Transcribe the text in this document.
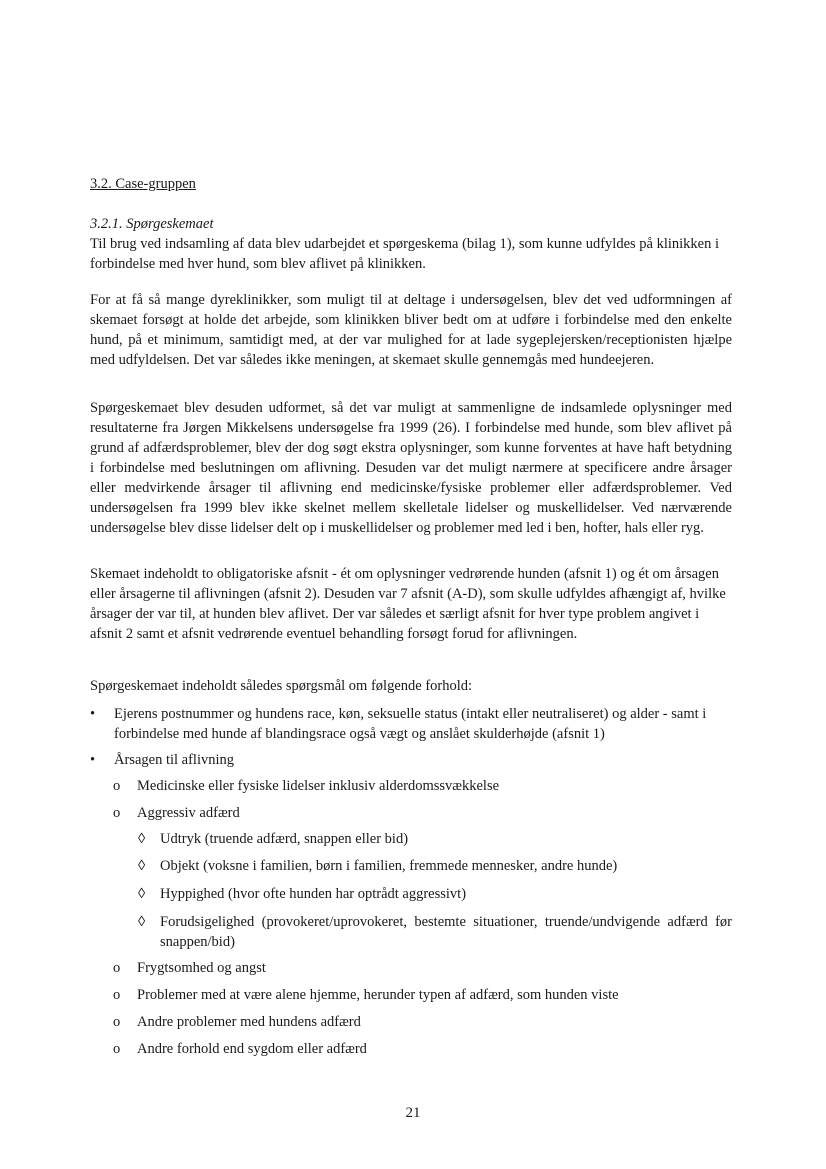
3.2. Case-gruppen
3.2.1. Spørgeskemaet

Til brug ved indsamling af data blev udarbejdet et spørgeskema (bilag 1), som kunne udfyldes på klinikken i forbindelse med hver hund, som blev aflivet på klinikken.

For at få så mange dyreklinikker, som muligt til at deltage i undersøgelsen, blev det ved udformningen af skemaet forsøgt at holde det arbejde, som klinikken bliver bedt om at udføre i forbindelse med den enkelte hund, på et minimum, samtidigt med, at der var mulighed for at lade sygeplejersken/receptionisten hjælpe med udfyldelsen. Det var således ikke meningen, at skemaet skulle gennemgås med hundeejeren.

Spørgeskemaet blev desuden udformet, så det var muligt at sammenligne de indsamlede oplysninger med resultaterne fra Jørgen Mikkelsens undersøgelse fra 1999 (26). I forbindelse med hunde, som blev aflivet på grund af adfærdsproblemer, blev der dog søgt ekstra oplysninger, som kunne forventes at have haft betydning i forbindelse med beslutningen om aflivning. Desuden var det muligt nærmere at specificere andre årsager eller medvirkende årsager til aflivning end medicinske/fysiske problemer eller adfærdsproblemer. Ved undersøgelsen fra 1999 blev ikke skelnet mellem skelletale lidelser og muskellidelser. Ved nærværende undersøgelse blev disse lidelser delt op i muskellidelser og problemer med led i ben, hofter, hals eller ryg.

Skemaet indeholdt to obligatoriske afsnit - ét om oplysninger vedrørende hunden (afsnit 1) og ét om årsagen eller årsagerne til aflivningen (afsnit 2). Desuden var 7 afsnit (A-D), som skulle udfyldes afhængigt af, hvilke årsager der var til, at hunden blev aflivet. Der var således et særligt afsnit for hver type problem angivet i afsnit 2 samt et afsnit vedrørende eventuel behandling forsøgt forud for aflivningen.

Spørgeskemaet indeholdt således spørgsmål om følgende forhold:

• Ejerens postnummer og hundens race, køn, seksuelle status (intakt eller neutraliseret) og alder - samt i forbindelse med hunde af blandingsrace også vægt og anslået skulderhøjde (afsnit 1)
• Årsagen til aflivning
o Medicinske eller fysiske lidelser inklusiv alderdomssvækkelse
o Aggressiv adfærd
◊ Udtryk (truende adfærd, snappen eller bid)
◊ Objekt (voksne i familien, børn i familien, fremmede mennesker, andre hunde)
◊ Hyppighed (hvor ofte hunden har optrådt aggressivt)
◊ Forudsigelighed (provokeret/uprovokeret, bestemte situationer, truende/undvigende adfærd før snappen/bid)
o Frygtsomhed og angst
o Problemer med at være alene hjemme, herunder typen af adfærd, som hunden viste
o Andre problemer med hundens adfærd
o Andre forhold end sygdom eller adfærd
21
